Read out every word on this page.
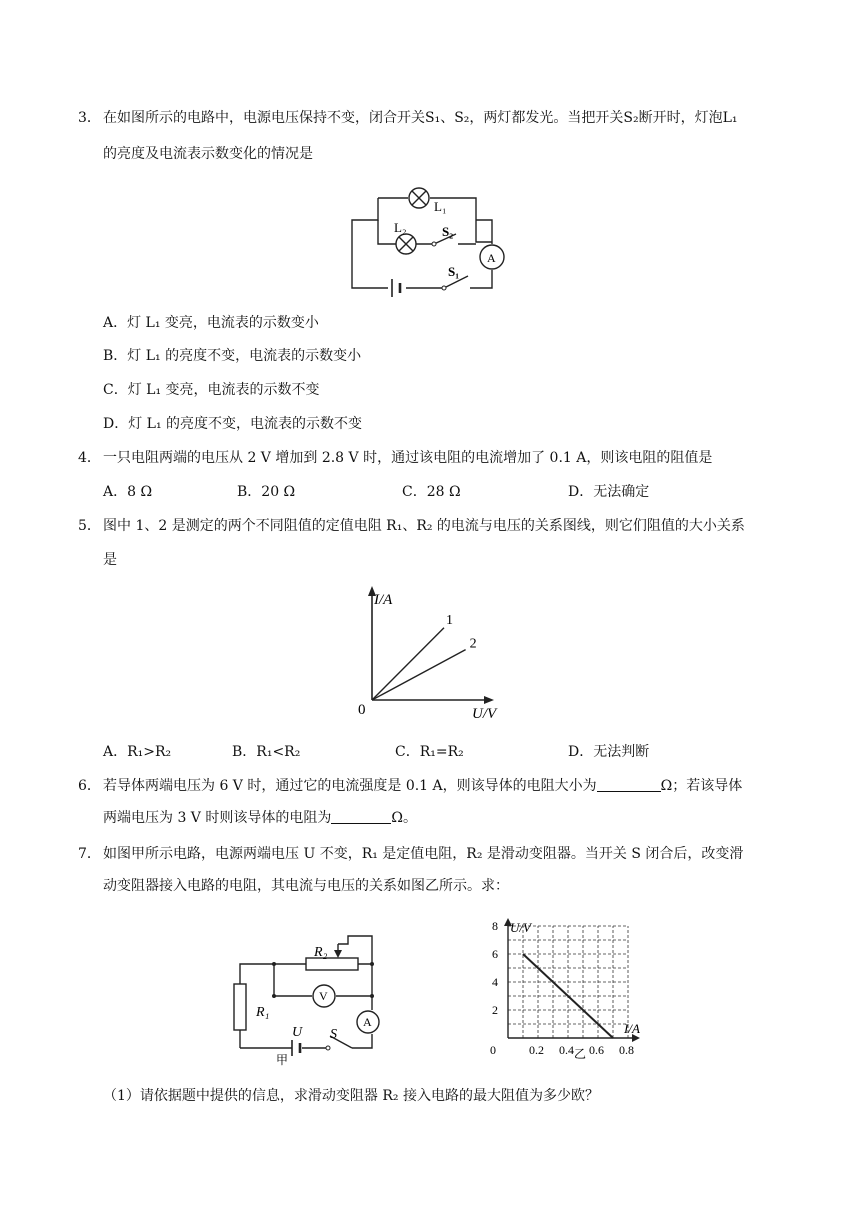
3． 在如图所示的电路中，电源电压保持不变，闭合开关S₁、S₂，两灯都发光。当把开关S₂断开时，灯泡L₁
的亮度及电流表示数变化的情况是
L₁
L₂	S₂
S₁
A
A．灯 L₁ 变亮，电流表的示数变小
B．灯 L₁ 的亮度不变，电流表的示数变小
C．灯 L₁ 变亮，电流表的示数不变
D．灯 L₁ 的亮度不变，电流表的示数不变
4． 一只电阻两端的电压从 2 V 增加到 2.8 V 时，通过该电阻的电流增加了 0.1 A，则该电阻的阻值是
A．8 Ω	B．20 Ω	C．28 Ω	D．无法确定
5． 图中 1、2 是测定的两个不同阻值的定值电阻 R₁、R₂ 的电流与电压的关系图线，则它们阻值的大小关系
是
1
2
I/A
U/V
0
A．R₁>R₂	B．R₁<R₂	C．R₁=R₂	D．无法判断
6． 若导体两端电压为 6 V 时，通过它的电流强度是 0.1 A，则该导体的电阻大小为	Ω；若该导体
两端电压为 3 V 时则该导体的电阻为	Ω。
7． 如图甲所示电路，电源两端电压 U 不变，R₁ 是定值电阻，R₂ 是滑动变阻器。当开关 S 闭合后，改变滑
动变阻器接入电路的电阻，其电流与电压的关系如图乙所示。求：
R₂
R₁
V
A
U S
甲
0.2 0.4 0.6 0.8
0
2
4
6
8 U/V
I/A
乙
（1）请依据题中提供的信息，求滑动变阻器 R₂ 接入电路的最大阻值为多少欧？
